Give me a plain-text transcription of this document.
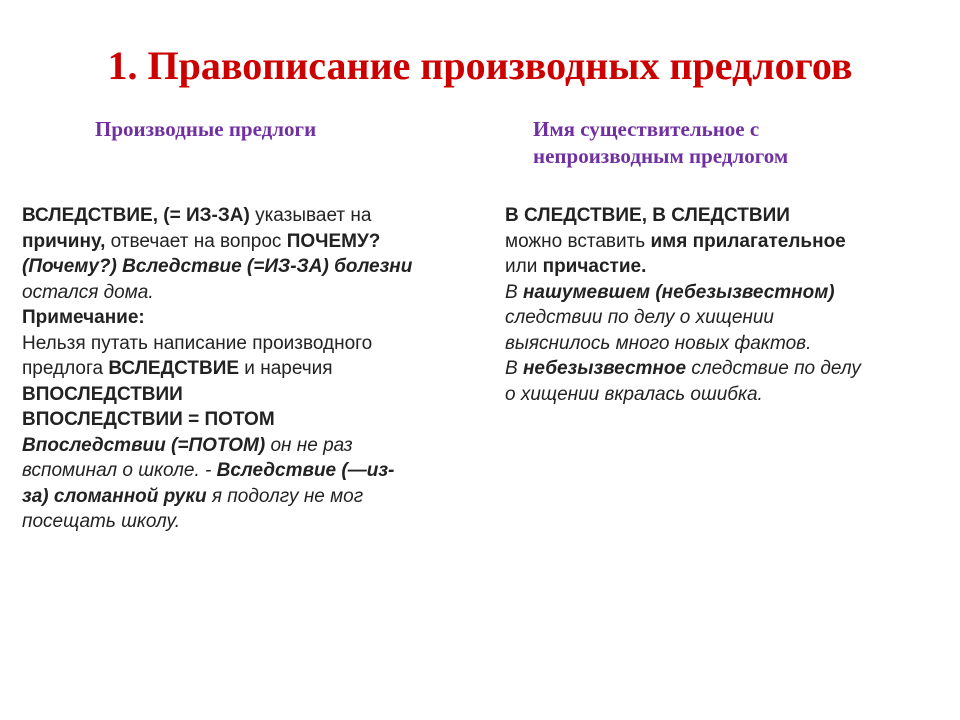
1. Правописание производных предлогов
Производные предлоги	Имя существительное с
непроизводным предлогом
ВСЛЕДСТВИЕ, (= ИЗ-ЗА) указывает на
причину, отвечает на вопрос ПОЧЕМУ?
(Почему?) Вследствие (=ИЗ-ЗА) болезни
остался дома.
Примечание:
Нельзя путать написание производного
предлога ВСЛЕДСТВИЕ и наречия
ВПОСЛЕДСТВИИ
ВПОСЛЕДСТВИИ = ПОТОМ
Впоследствии (=ПОТОМ) он не раз
вспоминал о школе. - Вследствие (—из-
за) сломанной руки я подолгу не мог
посещать школу.
В СЛЕДСТВИЕ, В СЛЕДСТВИИ
можно вставить имя прилагательное
или причастие.
В нашумевшем (небезызвестном)
следствии по делу о хищении
выяснилось много новых фактов.
В небезызвестное следствие по делу
о хищении вкралась ошибка.
